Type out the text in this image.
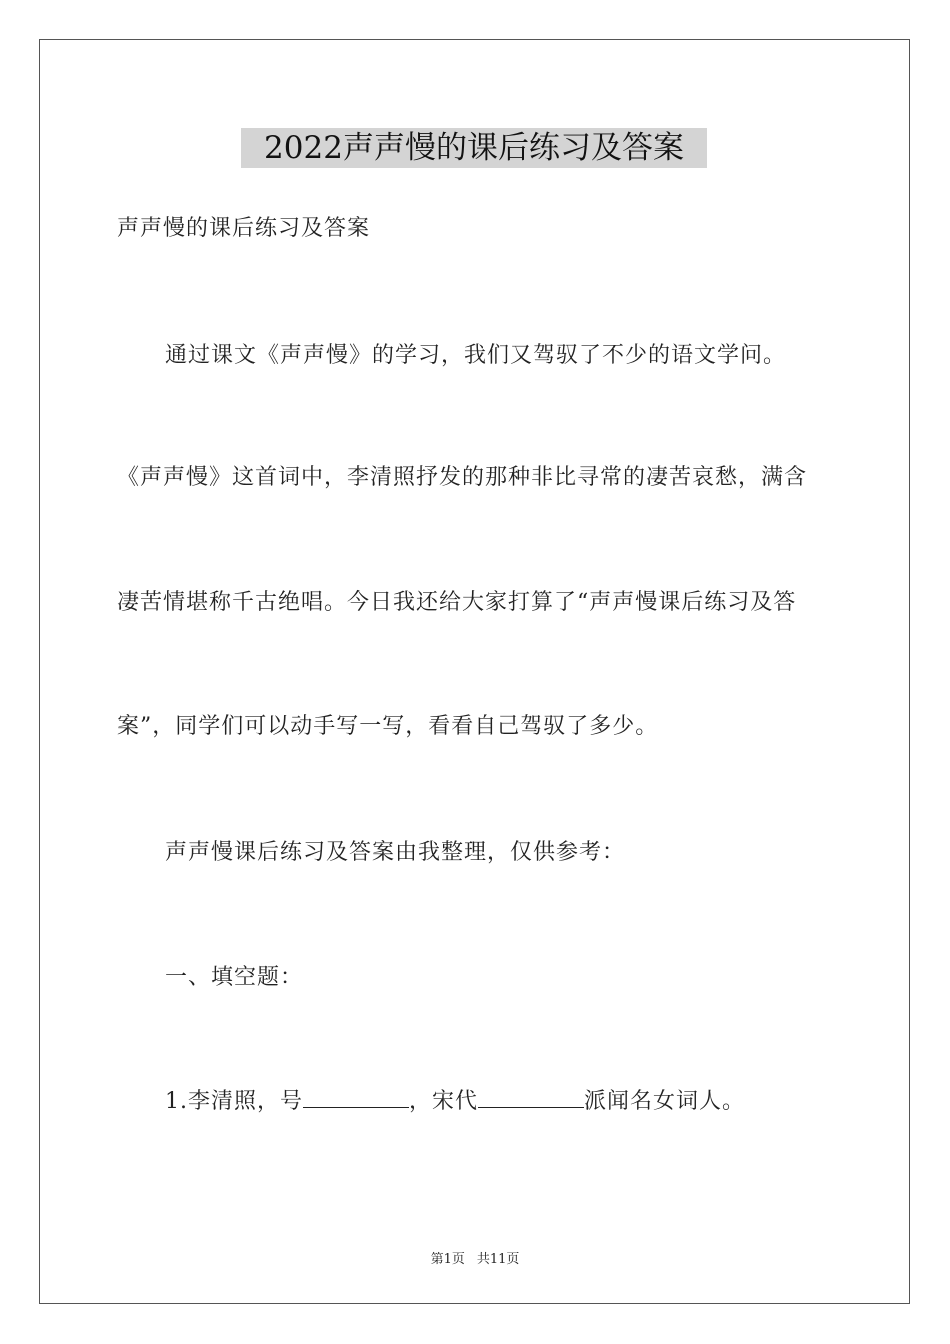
2022声声慢的课后练习及答案
声声慢的课后练习及答案
通过课文《声声慢》的学习，我们又驾驭了不少的语文学问。
《声声慢》这首词中，李清照抒发的那种非比寻常的凄苦哀愁，满含
凄苦情堪称千古绝唱。今日我还给大家打算了“声声慢课后练习及答
案”，同学们可以动手写一写，看看自己驾驭了多少。
声声慢课后练习及答案由我整理，仅供参考：
一、填空题：
1.李清照，号	，宋代	派闻名女词人。
第1页 共11页
